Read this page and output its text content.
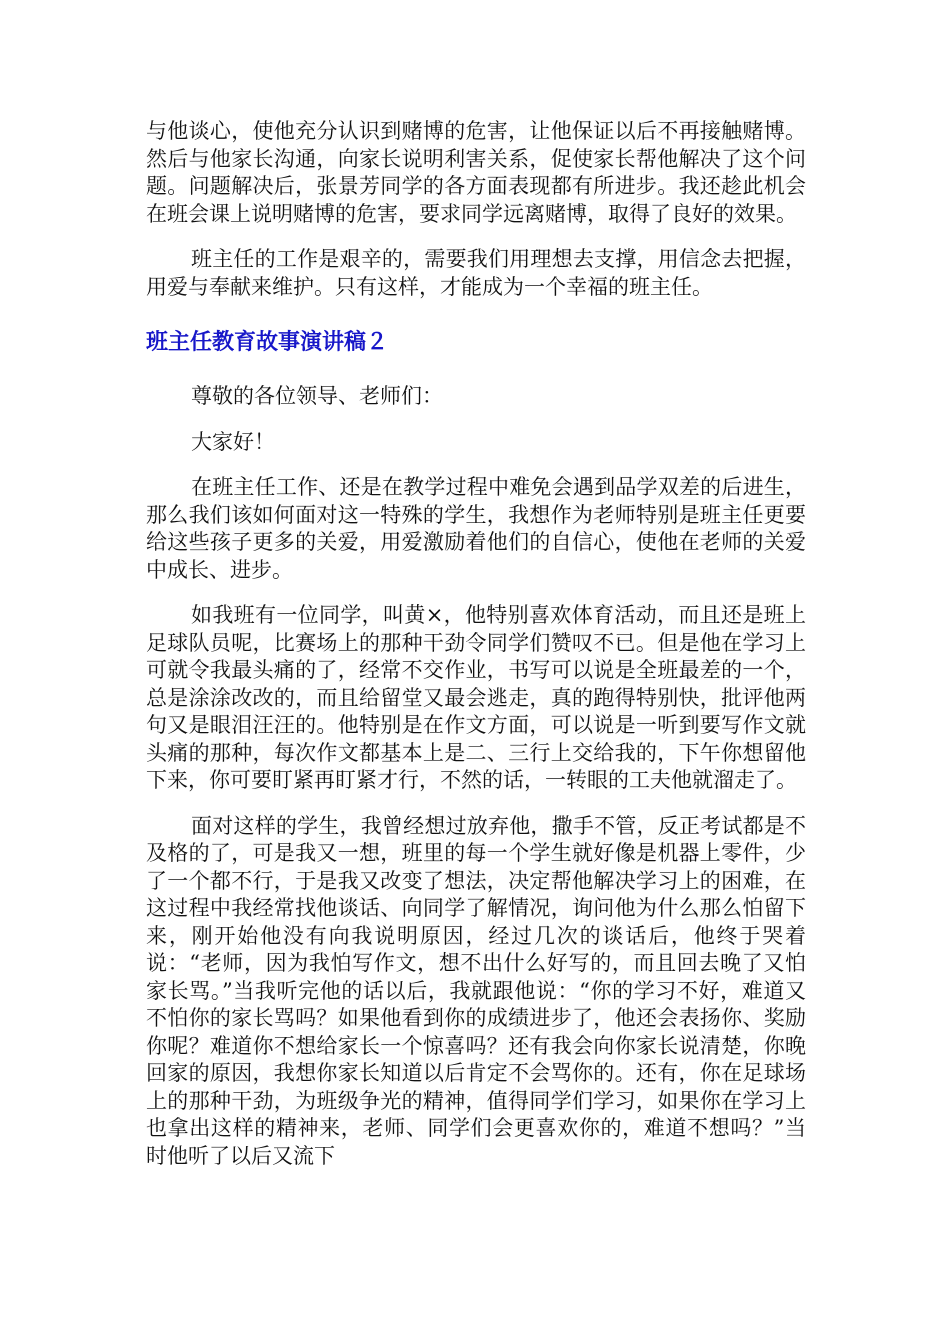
与他谈心，使他充分认识到赌博的危害，让他保证以后不再接触赌博。然后与他家长沟通，向家长说明利害关系，促使家长帮他解决了这个问题。问题解决后，张景芳同学的各方面表现都有所进步。我还趁此机会在班会课上说明赌博的危害，要求同学远离赌博，取得了良好的效果。

班主任的工作是艰辛的，需要我们用理想去支撑，用信念去把握，用爱与奉献来维护。只有这样，才能成为一个幸福的班主任。

班主任教育故事演讲稿２

尊敬的各位领导、老师们：

大家好！

在班主任工作、还是在教学过程中难免会遇到品学双差的后进生，那么我们该如何面对这一特殊的学生，我想作为老师特别是班主任更要给这些孩子更多的关爱，用爱激励着他们的自信心，使他在老师的关爱中成长、进步。

如我班有一位同学，叫黄×，他特别喜欢体育活动，而且还是班上足球队员呢，比赛场上的那种干劲令同学们赞叹不已。但是他在学习上可就令我最头痛的了，经常不交作业，书写可以说是全班最差的一个，总是涂涂改改的，而且给留堂又最会逃走，真的跑得特别快，批评他两句又是眼泪汪汪的。他特别是在作文方面，可以说是一听到要写作文就头痛的那种，每次作文都基本上是二、三行上交给我的，下午你想留他下来，你可要盯紧再盯紧才行，不然的话，一转眼的工夫他就溜走了。

面对这样的学生，我曾经想过放弃他，撒手不管，反正考试都是不及格的了，可是我又一想，班里的每一个学生就好像是机器上零件，少了一个都不行，于是我又改变了想法，决定帮他解决学习上的困难，在这过程中我经常找他谈话、向同学了解情况，询问他为什么那么怕留下来，刚开始他没有向我说明原因，经过几次的谈话后，他终于哭着说：“老师，因为我怕写作文，想不出什么好写的，而且回去晚了又怕家长骂。”当我听完他的话以后，我就跟他说：“你的学习不好，难道又不怕你的家长骂吗？如果他看到你的成绩进步了，他还会表扬你、奖励你呢？难道你不想给家长一个惊喜吗？还有我会向你家长说清楚，你晚回家的原因，我想你家长知道以后肯定不会骂你的。还有，你在足球场上的那种干劲，为班级争光的精神，值得同学们学习，如果你在学习上也拿出这样的精神来，老师、同学们会更喜欢你的，难道不想吗？”当时他听了以后又流下
